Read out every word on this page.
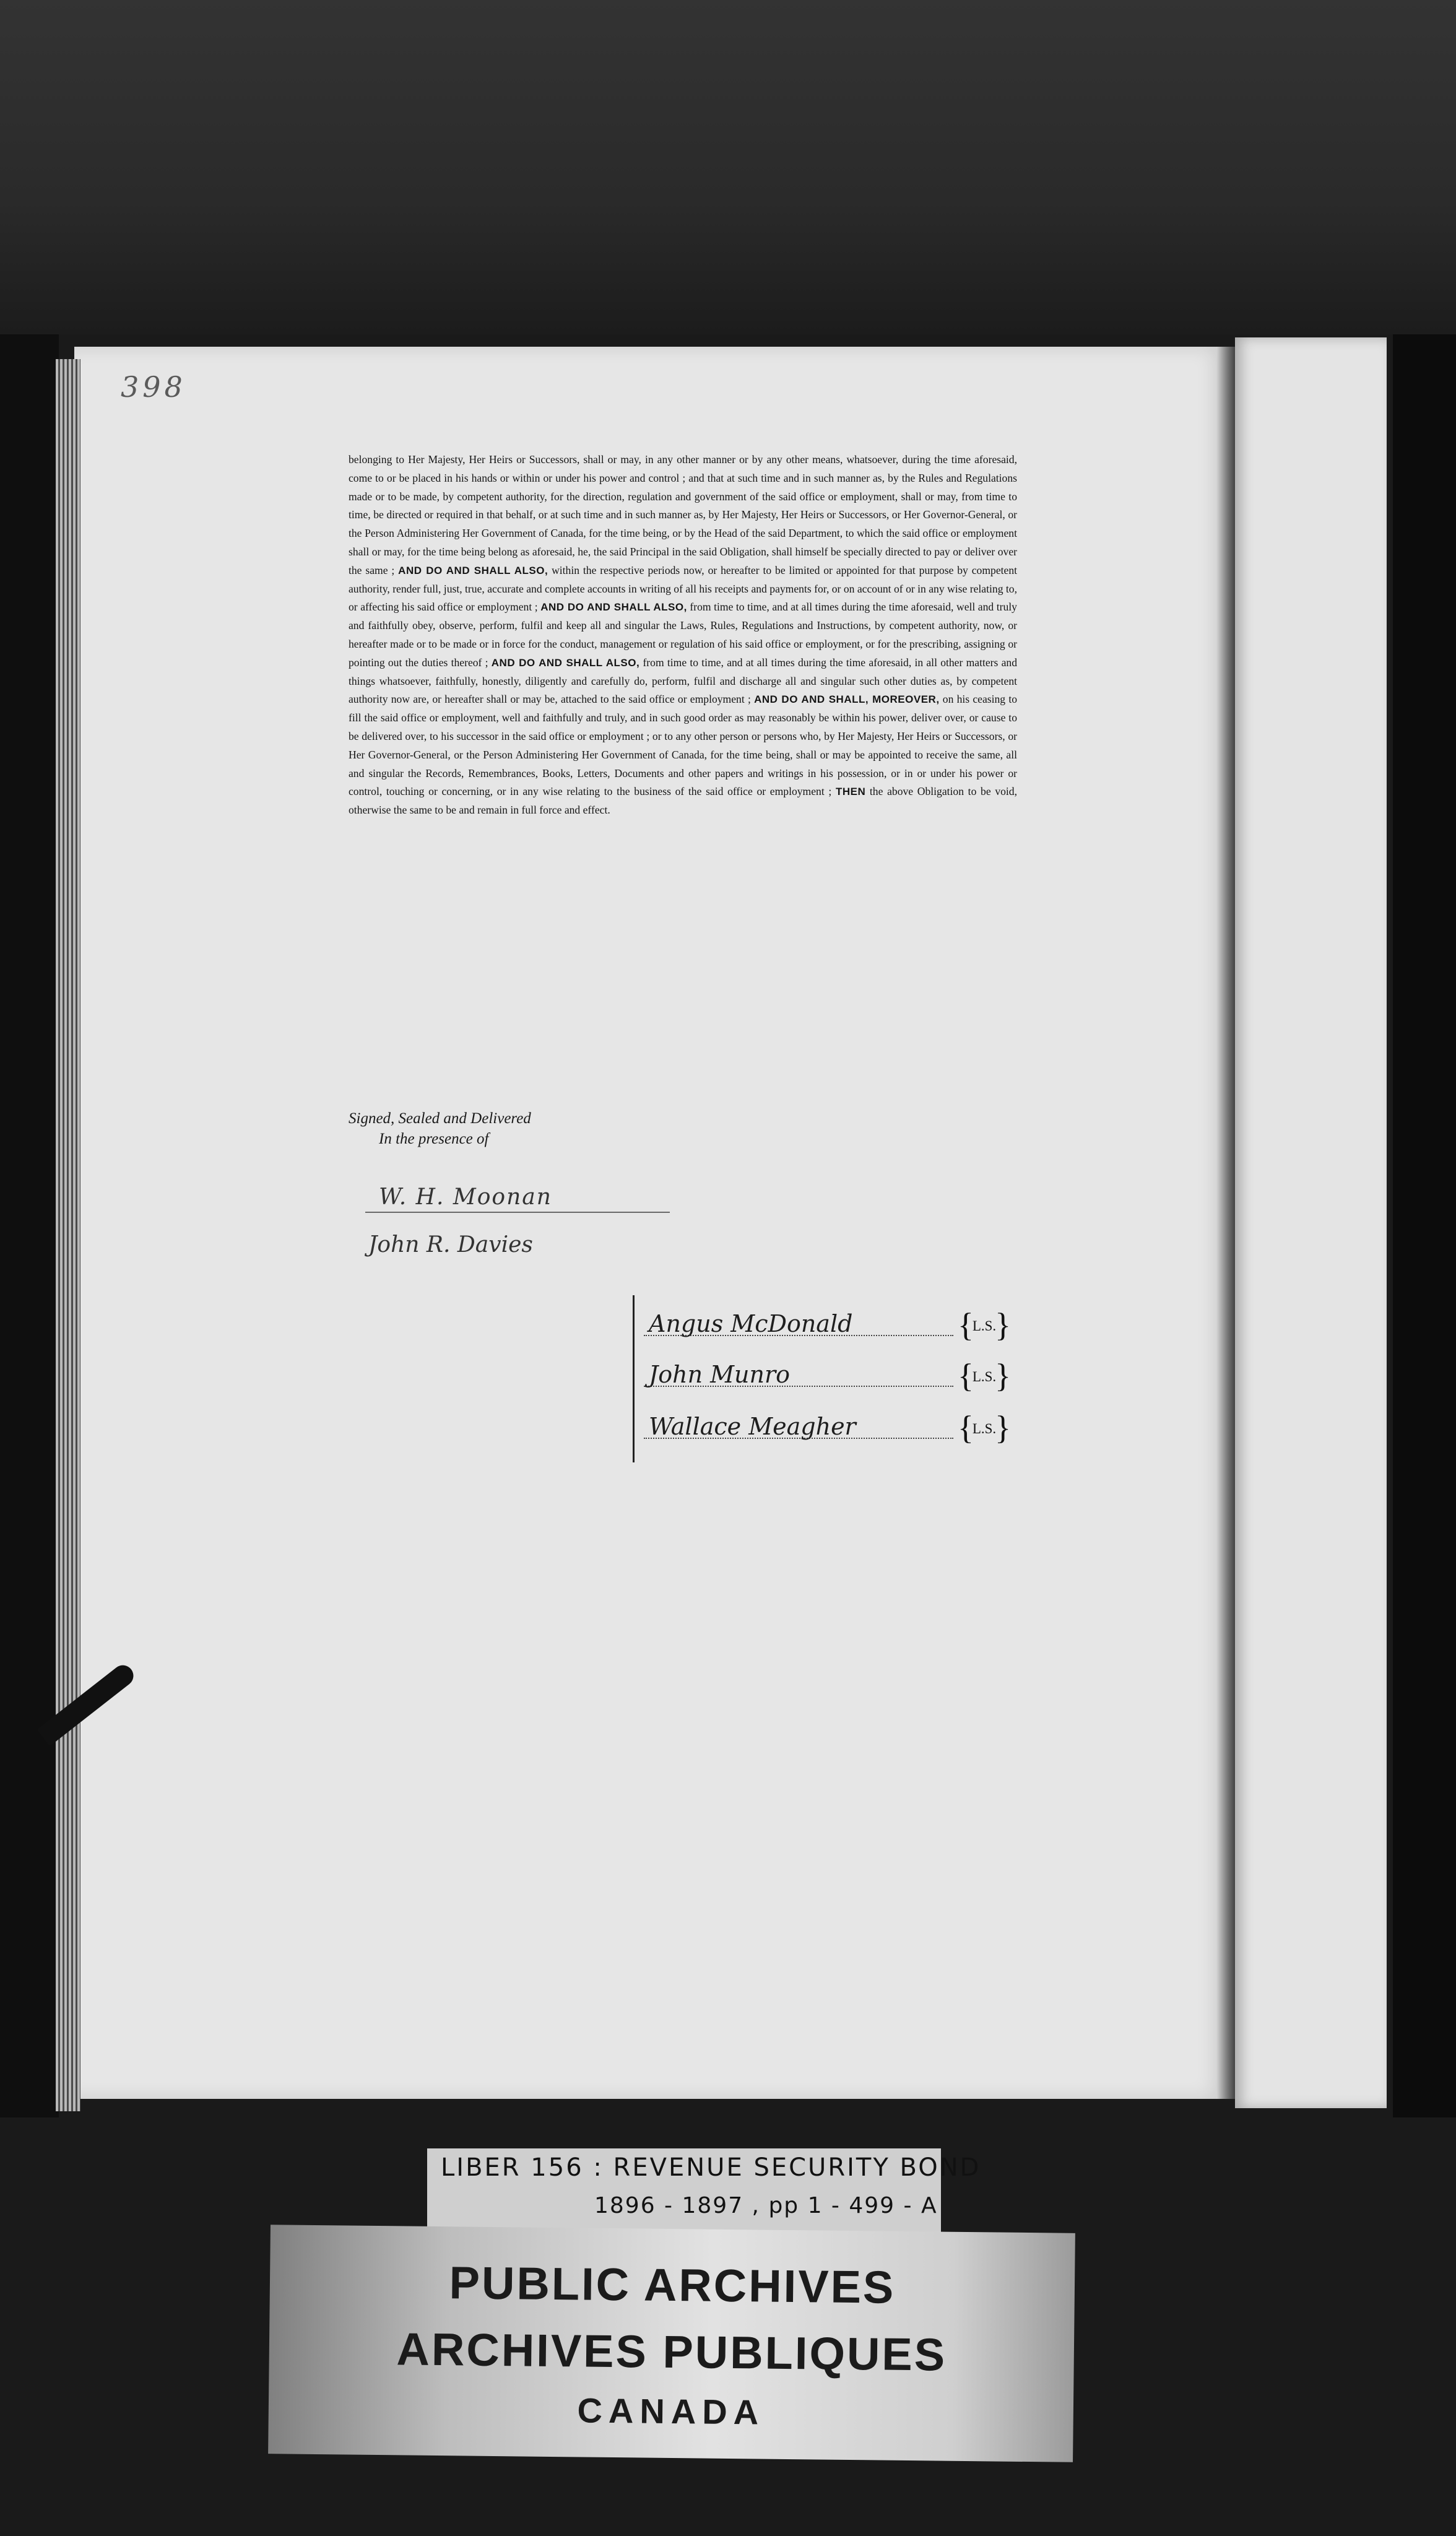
398

belonging to Her Majesty, Her Heirs or Successors, shall or may, in any other manner or by any other means, whatsoever, during the time aforesaid, come to or be placed in his hands or within or under his power and control ; and that at such time and in such manner as, by the Rules and Regulations made or to be made, by competent authority, for the direction, regulation and government of the said office or employment, shall or may, from time to time, be directed or required in that behalf, or at such time and in such manner as, by Her Majesty, Her Heirs or Successors, or Her Governor-General, or the Person Administering Her Government of Canada, for the time being, or by the Head of the said Department, to which the said office or employment shall or may, for the time being belong as aforesaid, he, the said Principal in the said Obligation, shall himself be specially directed to pay or deliver over the same ; AND DO AND SHALL ALSO, within the respective periods now, or hereafter to be limited or appointed for that purpose by competent authority, render full, just, true, accurate and complete accounts in writing of all his receipts and payments for, or on account of or in any wise relating to, or affecting his said office or employment ; AND DO AND SHALL ALSO, from time to time, and at all times during the time aforesaid, well and truly and faithfully obey, observe, perform, fulfil and keep all and singular the Laws, Rules, Regulations and Instructions, by competent authority, now, or hereafter made or to be made or in force for the conduct, management or regulation of his said office or employment, or for the prescribing, assigning or pointing out the duties thereof ; AND DO AND SHALL ALSO, from time to time, and at all times during the time aforesaid, in all other matters and things whatsoever, faithfully, honestly, diligently and carefully do, perform, fulfil and discharge all and singular such other duties as, by competent authority now are, or hereafter shall or may be, attached to the said office or employment ; AND DO AND SHALL, MOREOVER, on his ceasing to fill the said office or employment, well and faithfully and truly, and in such good order as may reasonably be within his power, deliver over, or cause to be delivered over, to his successor in the said office or employment ; or to any other person or persons who, by Her Majesty, Her Heirs or Successors, or Her Governor-General, or the Person Administering Her Government of Canada, for the time being, shall or may be appointed to receive the same, all and singular the Records, Remembrances, Books, Letters, Documents and other papers and writings in his possession, or in or under his power or control, touching or concerning, or in any wise relating to the business of the said office or employment ; THEN the above Obligation to be void, otherwise the same to be and remain in full force and effect.

Signed, Sealed and Delivered
In the presence of
W. H. Moonan
John R. Davies
Angus McDonald	{ L.S. }
John Munro	{ L.S. }
Wallace Meagher	{ L.S. }
LIBER 156 : REVENUE SECURITY BOND
1896 - 1897 , pp 1 - 499 - A
PUBLIC ARCHIVES
ARCHIVES PUBLIQUES
CANADA
